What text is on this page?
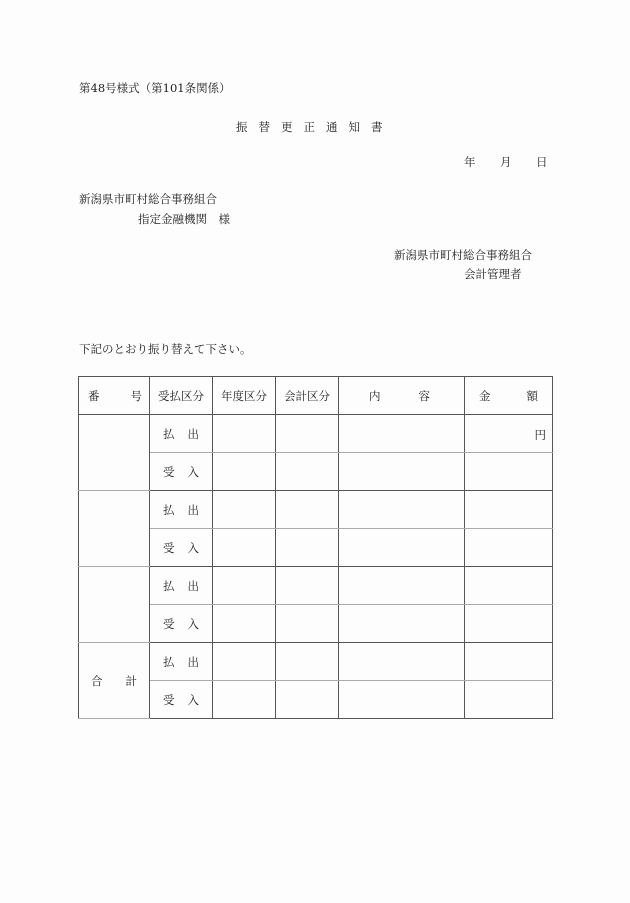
第48号様式（第101条関係）
振替更正通知書
年 月 日
新潟県市町村総合事務組合
指定金融機関　様
新潟県市町村総合事務組合
会計管理者
下記のとおり振り替えて下さい。
番 号	受払区分	年度区分	会計区分	内 容	金 額

	払 出				円

	受 入				

	払 出				

	受 入				

	払 出				

	受 入				

合 計	払 出				

	受 入				
